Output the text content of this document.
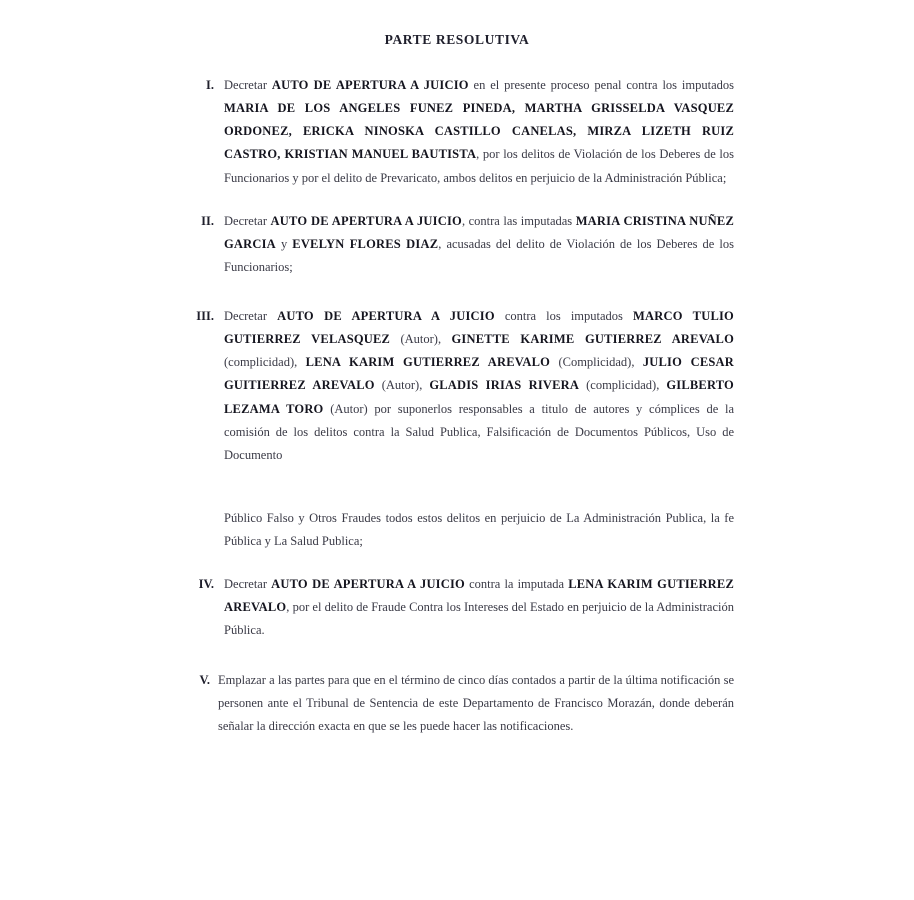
PARTE RESOLUTIVA
I. Decretar AUTO DE APERTURA A JUICIO en el presente proceso penal contra los imputados MARIA DE LOS ANGELES FUNEZ PINEDA, MARTHA GRISSELDA VASQUEZ ORDONEZ, ERICKA NINOSKA CASTILLO CANELAS, MIRZA LIZETH RUIZ CASTRO, KRISTIAN MANUEL BAUTISTA, por los delitos de Violación de los Deberes de los Funcionarios y por el delito de Prevaricato, ambos delitos en perjuicio de la Administración Pública;
II. Decretar AUTO DE APERTURA A JUICIO, contra las imputadas MARIA CRISTINA NUÑEZ GARCIA y EVELYN FLORES DIAZ, acusadas del delito de Violación de los Deberes de los Funcionarios;
III. Decretar AUTO DE APERTURA A JUICIO contra los imputados MARCO TULIO GUTIERREZ VELASQUEZ (Autor), GINETTE KARIME GUTIERREZ AREVALO (complicidad), LENA KARIM GUTIERREZ AREVALO (Complicidad), JULIO CESAR GUITIERREZ AREVALO (Autor), GLADIS IRIAS RIVERA (complicidad), GILBERTO LEZAMA TORO (Autor) por suponerlos responsables a titulo de autores y cómplices de la comisión de los delitos contra la Salud Publica, Falsificación de Documentos Públicos, Uso de Documento
Público Falso y Otros Fraudes todos estos delitos en perjuicio de La Administración Publica, la fe Pública y La Salud Publica;
IV. Decretar AUTO DE APERTURA A JUICIO contra la imputada LENA KARIM GUTIERREZ AREVALO, por el delito de Fraude Contra los Intereses del Estado en perjuicio de la Administración Pública.
V. Emplazar a las partes para que en el término de cinco días contados a partir de la última notificación se personen ante el Tribunal de Sentencia de este Departamento de Francisco Morazán, donde deberán señalar la dirección exacta en que se les puede hacer las notificaciones.
